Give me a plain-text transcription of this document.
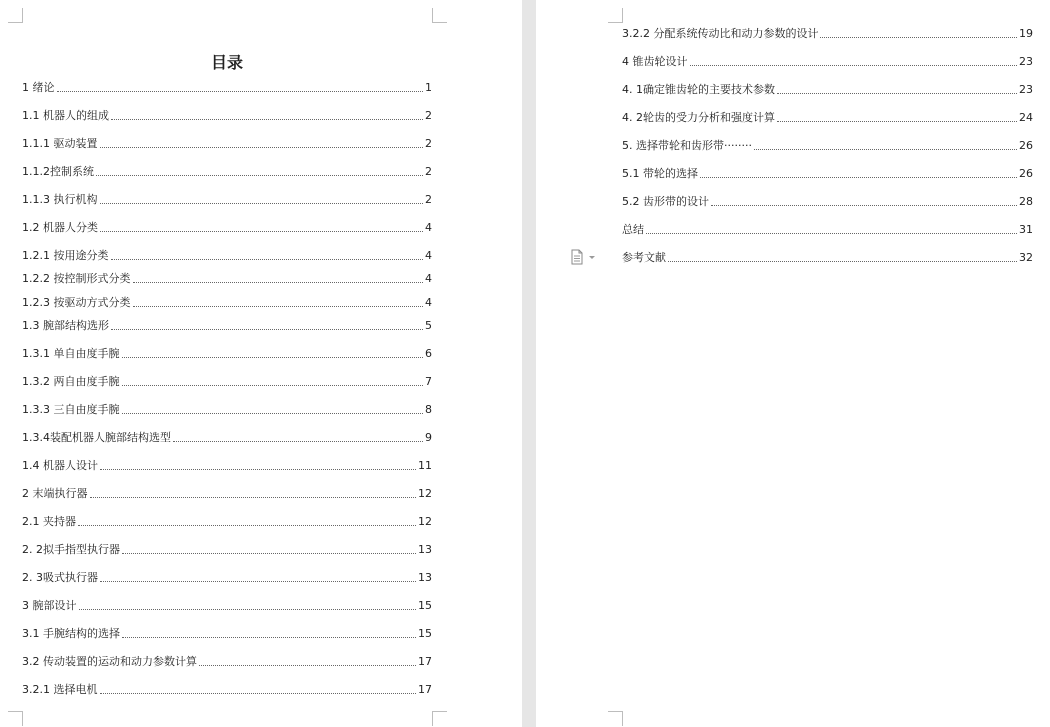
目录
1 绪论	1
1.1 机器人的组成	2
1.1.1 驱动装置	2
1.1.2控制系统	2
1.1.3 执行机构	2
1.2 机器人分类	4
1.2.1 按用途分类	4
1.2.2 按控制形式分类	4
1.2.3 按驱动方式分类	4
1.3 腕部结构选形	5
1.3.1 单自由度手腕	6
1.3.2 两自由度手腕	7
1.3.3 三自由度手腕	8
1.3.4装配机器人腕部结构选型	9
1.4 机器人设计	11
2 末端执行器	12
2.1 夹持器	12
2. 2拟手指型执行器	13
2. 3吸式执行器	13
3 腕部设计	15
3.1 手腕结构的选择	15
3.2 传动装置的运动和动力参数计算	17
3.2.1 选择电机	17
3.2.2 分配系统传动比和动力参数的设计	19
4 锥齿轮设计	23
4. 1确定锥齿轮的主要技术参数	23
4. 2轮齿的受力分析和强度计算	24
5. 选择带轮和齿形带········	26
5.1 带轮的选择	26
5.2 齿形带的设计	28
总结	31
参考文献	32
